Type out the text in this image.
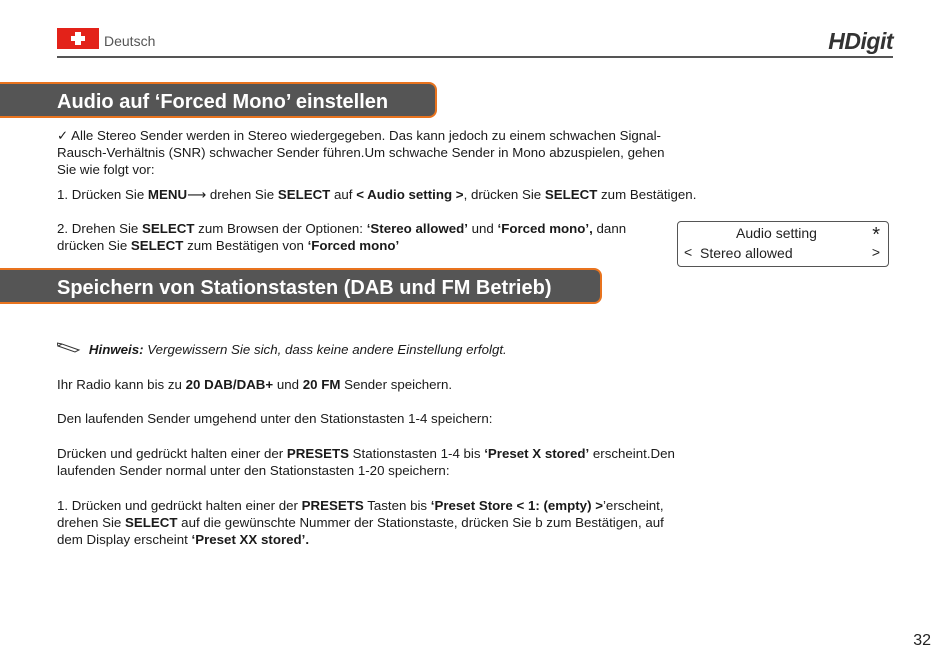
Deutsch	HDigit
Audio auf ‘Forced Mono’ einstellen
✓ Alle Stereo Sender werden in Stereo wiedergegeben. Das kann jedoch zu einem schwachen Signal-Rausch-Verhältnis (SNR) schwacher Sender führen.Um schwache Sender in Mono abzuspielen, gehen Sie wie folgt vor:
1. Drücken Sie MENU⟶ drehen Sie SELECT auf < Audio setting >, drücken Sie SELECT zum Bestätigen.
2. Drehen Sie SELECT zum Browsen der Optionen: ‘Stereo allowed’ und ‘Forced mono’, dann drücken Sie SELECT zum Bestätigen von ‘Forced mono’
Audio setting	*
< Stereo allowed	>
Speichern von Stationstasten (DAB und FM Betrieb)
Hinweis: Vergewissern Sie sich, dass keine andere Einstellung erfolgt.
Ihr Radio kann bis zu 20 DAB/DAB+ und 20 FM Sender speichern.
Den laufenden Sender umgehend unter den Stationstasten 1-4 speichern:
Drücken und gedrückt halten einer der PRESETS Stationstasten 1-4 bis ‘Preset X stored’ erscheint.Den laufenden Sender normal unter den Stationstasten 1-20 speichern:
1. Drücken und gedrückt halten einer der PRESETS Tasten bis ‘Preset Store < 1: (empty) >’erscheint, drehen Sie SELECT auf die gewünschte Nummer der Stationstaste, drücken Sie b zum Bestätigen, auf dem Display erscheint ‘Preset XX stored’.
32
